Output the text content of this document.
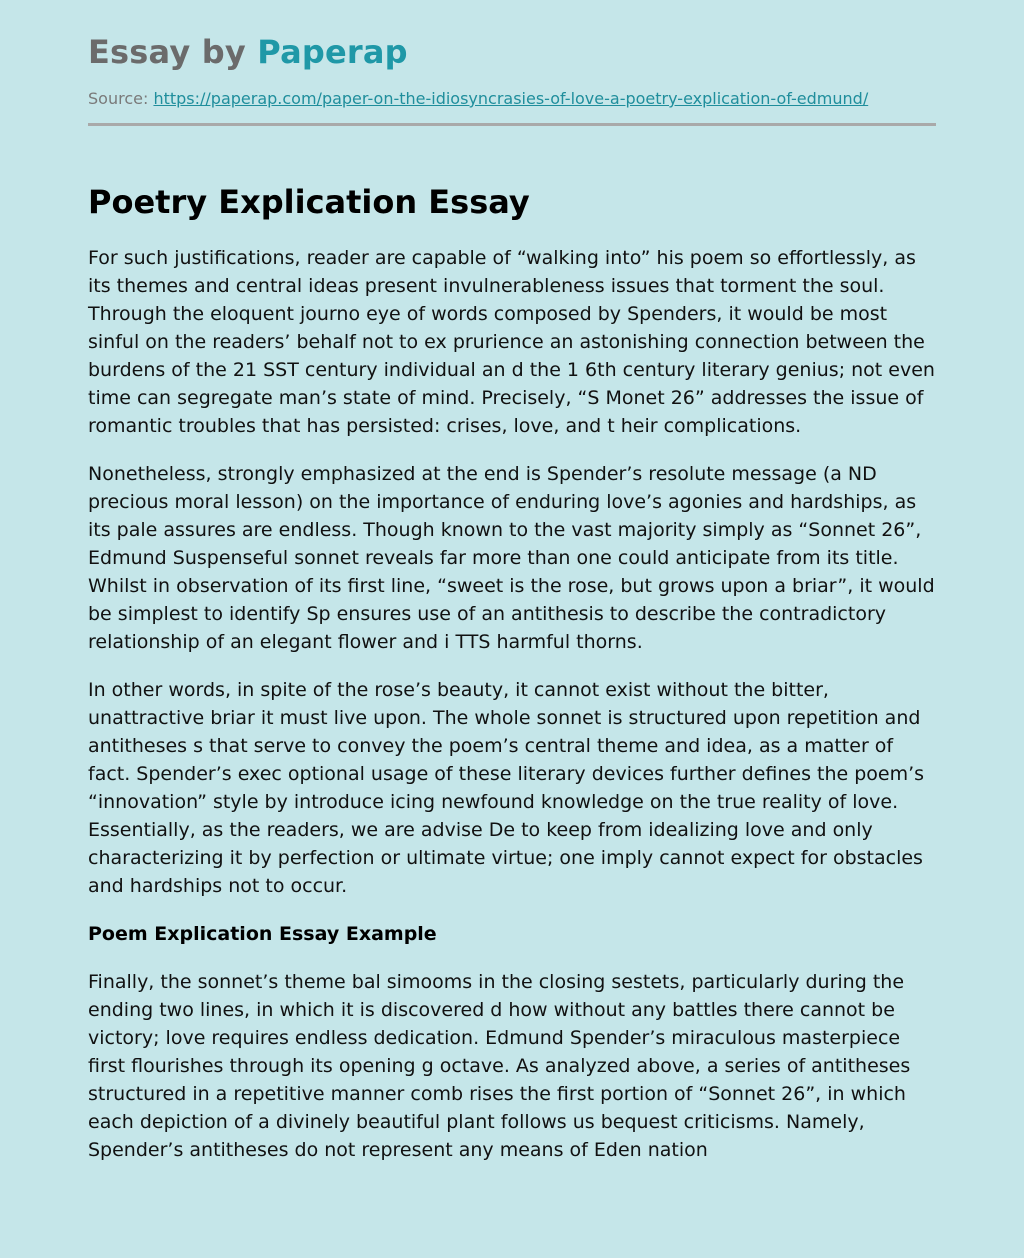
Essay by Paperap
Source: https://paperap.com/paper-on-the-idiosyncrasies-of-love-a-poetry-explication-of-edmund/
Poetry Explication Essay

For such justifications, reader are capable of “walking into” his poem so effortlessly, as its themes and central ideas present invulnerableness issues that torment the soul. Through the eloquent journo eye of words composed by Spenders, it would be most sinful on the readers’ behalf not to ex prurience an astonishing connection between the burdens of the 21 SST century individual an d the 1 6th century literary genius; not even time can segregate man’s state of mind. Precisely, “S Monet 26” addresses the issue of romantic troubles that has persisted: crises, love, and t heir complications.

Nonetheless, strongly emphasized at the end is Spender’s resolute message (a ND precious moral lesson) on the importance of enduring love’s agonies and hardships, as its pale assures are endless. Though known to the vast majority simply as “Sonnet 26”, Edmund Suspenseful sonnet reveals far more than one could anticipate from its title. Whilst in observation of its first line, “sweet is the rose, but grows upon a briar”, it would be simplest to identify Sp ensures use of an antithesis to describe the contradictory relationship of an elegant flower and i TTS harmful thorns.

In other words, in spite of the rose’s beauty, it cannot exist without the bitter, unattractive briar it must live upon. The whole sonnet is structured upon repetition and antitheses s that serve to convey the poem’s central theme and idea, as a matter of fact. Spender’s exec optional usage of these literary devices further defines the poem’s “innovation” style by introduce icing newfound knowledge on the true reality of love. Essentially, as the readers, we are advise De to keep from idealizing love and only characterizing it by perfection or ultimate virtue; one imply cannot expect for obstacles and hardships not to occur.

Poem Explication Essay Example

Finally, the sonnet’s theme bal simooms in the closing sestets, particularly during the ending two lines, in which it is discovered d how without any battles there cannot be victory; love requires endless dedication. Edmund Spender’s miraculous masterpiece first flourishes through its opening g octave. As analyzed above, a series of antitheses structured in a repetitive manner comb rises the first portion of “Sonnet 26”, in which each depiction of a divinely beautiful plant follows us bequest criticisms. Namely, Spender’s antitheses do not represent any means of Eden nation
